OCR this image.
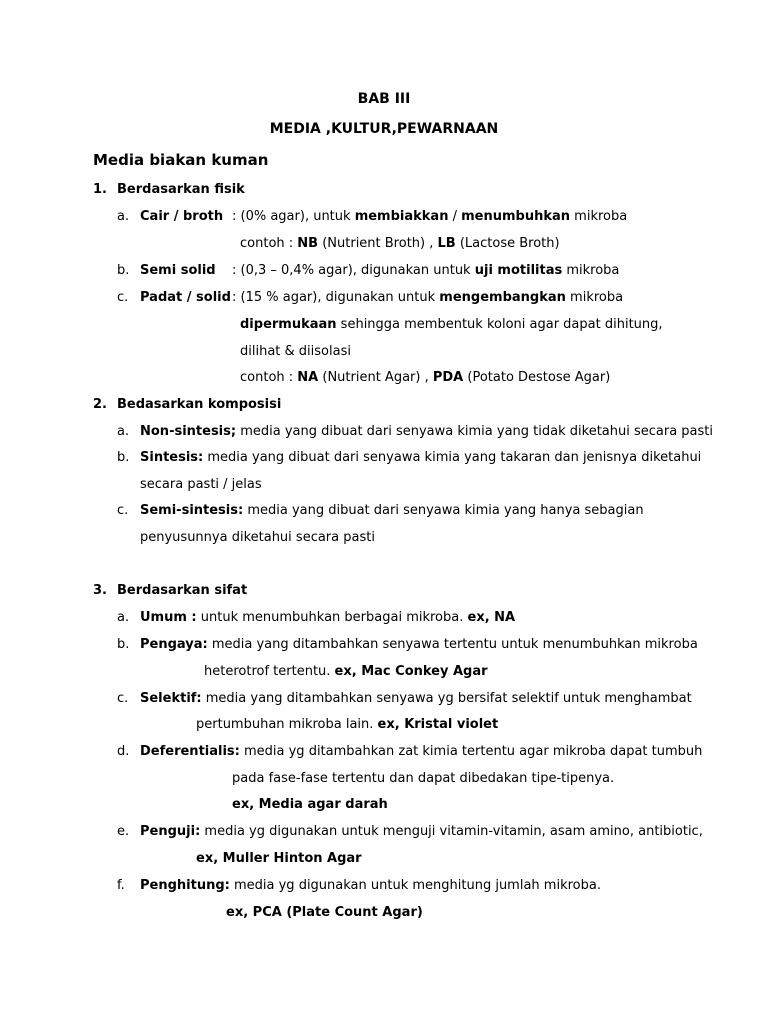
BAB III
MEDIA ,KULTUR,PEWARNAAN
Media biakan kuman
1. Berdasarkan fisik
a. Cair / broth : (0% agar), untuk membiakkan / menumbuhkan mikroba
contoh : NB (Nutrient Broth) , LB (Lactose Broth)
b. Semi solid : (0,3 – 0,4% agar), digunakan untuk uji motilitas mikroba
c. Padat / solid : (15 % agar), digunakan untuk mengembangkan mikroba
dipermukaan sehingga membentuk koloni agar dapat dihitung,
dilihat & diisolasi
contoh : NA (Nutrient Agar) , PDA (Potato Destose Agar)
2. Bedasarkan komposisi
a. Non-sintesis; media yang dibuat dari senyawa kimia yang tidak diketahui secara pasti
b. Sintesis: media yang dibuat dari senyawa kimia yang takaran dan jenisnya diketahui
secara pasti / jelas
c. Semi-sintesis: media yang dibuat dari senyawa kimia yang hanya sebagian
penyusunnya diketahui secara pasti
3. Berdasarkan sifat
a. Umum : untuk menumbuhkan berbagai mikroba. ex, NA
b. Pengaya: media yang ditambahkan senyawa tertentu untuk menumbuhkan mikroba
heterotrof tertentu. ex, Mac Conkey Agar
c. Selektif: media yang ditambahkan senyawa yg bersifat selektif untuk menghambat
pertumbuhan mikroba lain. ex, Kristal violet
d. Deferentialis: media yg ditambahkan zat kimia tertentu agar mikroba dapat tumbuh
pada fase-fase tertentu dan dapat dibedakan tipe-tipenya.
ex, Media agar darah
e. Penguji: media yg digunakan untuk menguji vitamin-vitamin, asam amino, antibiotic,
ex, Muller Hinton Agar
f. Penghitung: media yg digunakan untuk menghitung jumlah mikroba.
ex, PCA (Plate Count Agar)
